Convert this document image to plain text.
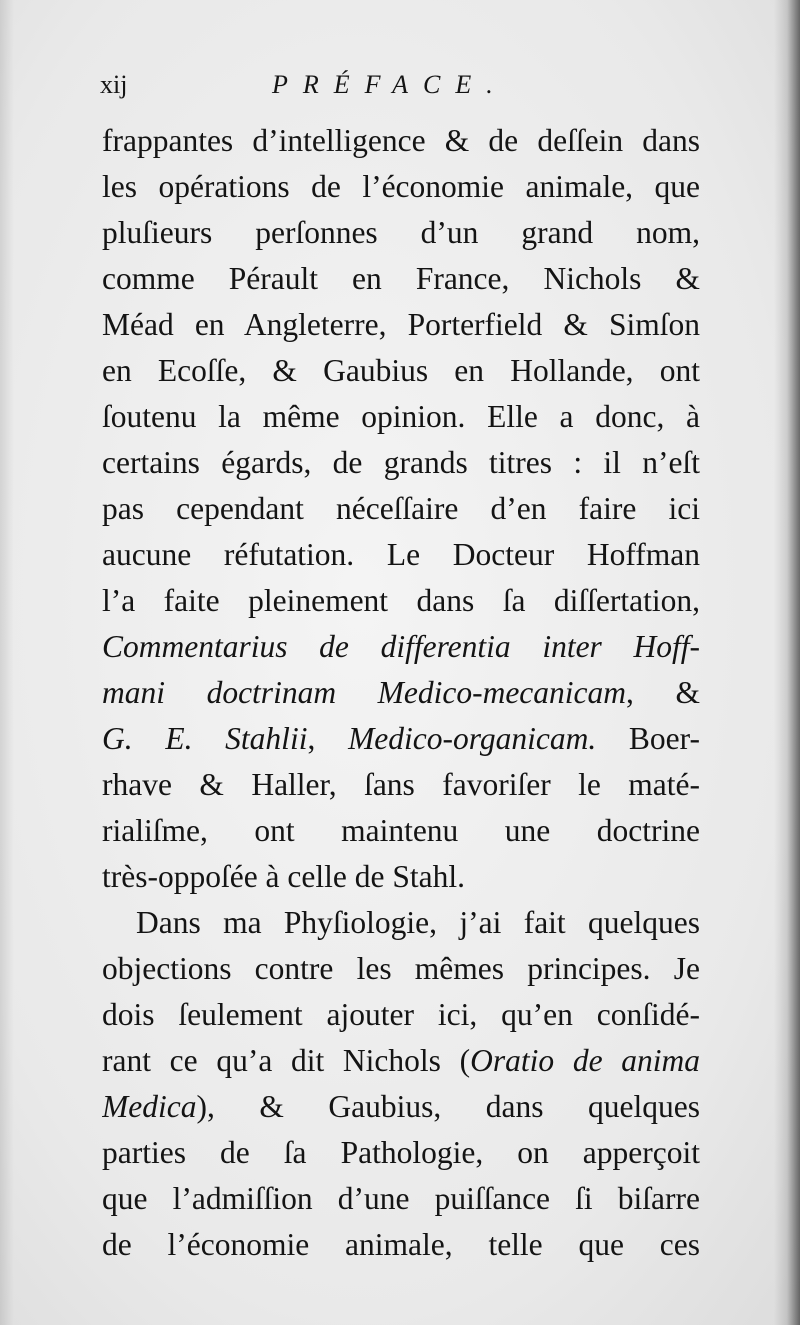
xij	PRÉFACE.
frappantes d’intelligence & de deſſein dans
les opérations de l’économie animale, que
pluſieurs perſonnes d’un grand nom,
comme Pérault en France, Nichols &
Méad en Angleterre, Porterfield & Simſon
en Ecoſſe, & Gaubius en Hollande, ont
ſoutenu la même opinion. Elle a donc, à
certains égards, de grands titres : il n’eſt
pas cependant néceſſaire d’en faire ici
aucune réfutation. Le Docteur Hoffman
l’a faite pleinement dans ſa diſſertation,
Commentarius de differentia inter Hoff-
mani doctrinam Medico-mecanicam, &
G. E. Stahlii, Medico-organicam. Boer-
rhave & Haller, ſans favoriſer le maté-
rialiſme, ont maintenu une doctrine
très-oppoſée à celle de Stahl.
Dans ma Phyſiologie, j’ai fait quelques
objections contre les mêmes principes. Je
dois ſeulement ajouter ici, qu’en conſidé-
rant ce qu’a dit Nichols (Oratio de anima
Medica), & Gaubius, dans quelques
parties de ſa Pathologie, on apperçoit
que l’admiſſion d’une puiſſance ſi biſarre
de l’économie animale, telle que ces
